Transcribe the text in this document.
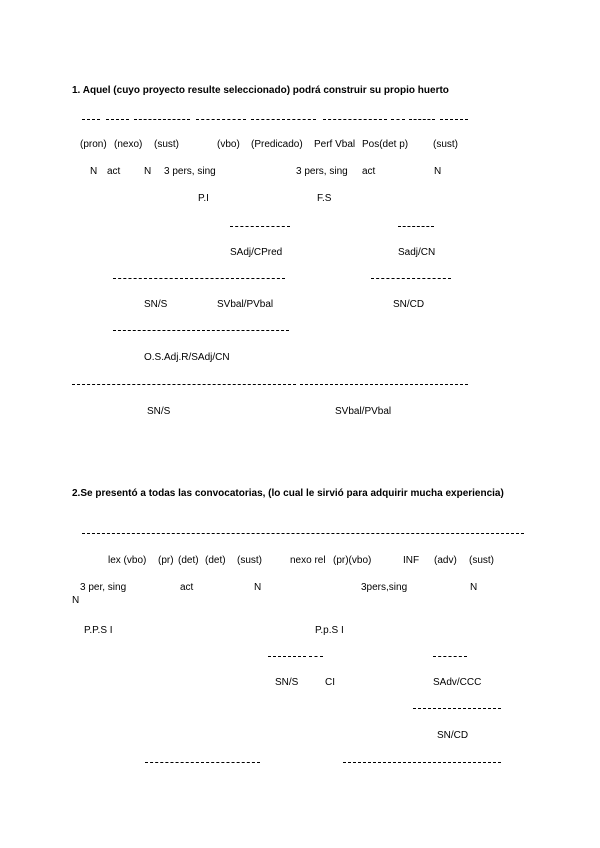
1. Aquel (cuyo proyecto resulte seleccionado) podrá construir su propio huerto
(pron) (nexo) (sust)	(vbo) (Predicado) Perf Vbal Pos(det p) (sust)
N act N 3 pers, sing	3 pers, sing act	N
P.I	F.S
SAdj/CPred	Sadj/CN
SN/S	SVbal/PVbal	SN/CD
O.S.Adj.R/SAdj/CN
SN/S	SVbal/PVbal
2.Se presentó a todas las convocatorias, (lo cual le sirvió para adquirir mucha experiencia)
lex (vbo) (pr) (det) (det) (sust)	nexo rel (pr)(vbo)	INF (adv) (sust)
3 per, sing	act	N	3pers,sing	N
N
P.P.S I	P.p.S I
SN/S	CI	SAdv/CCC
SN/CD
